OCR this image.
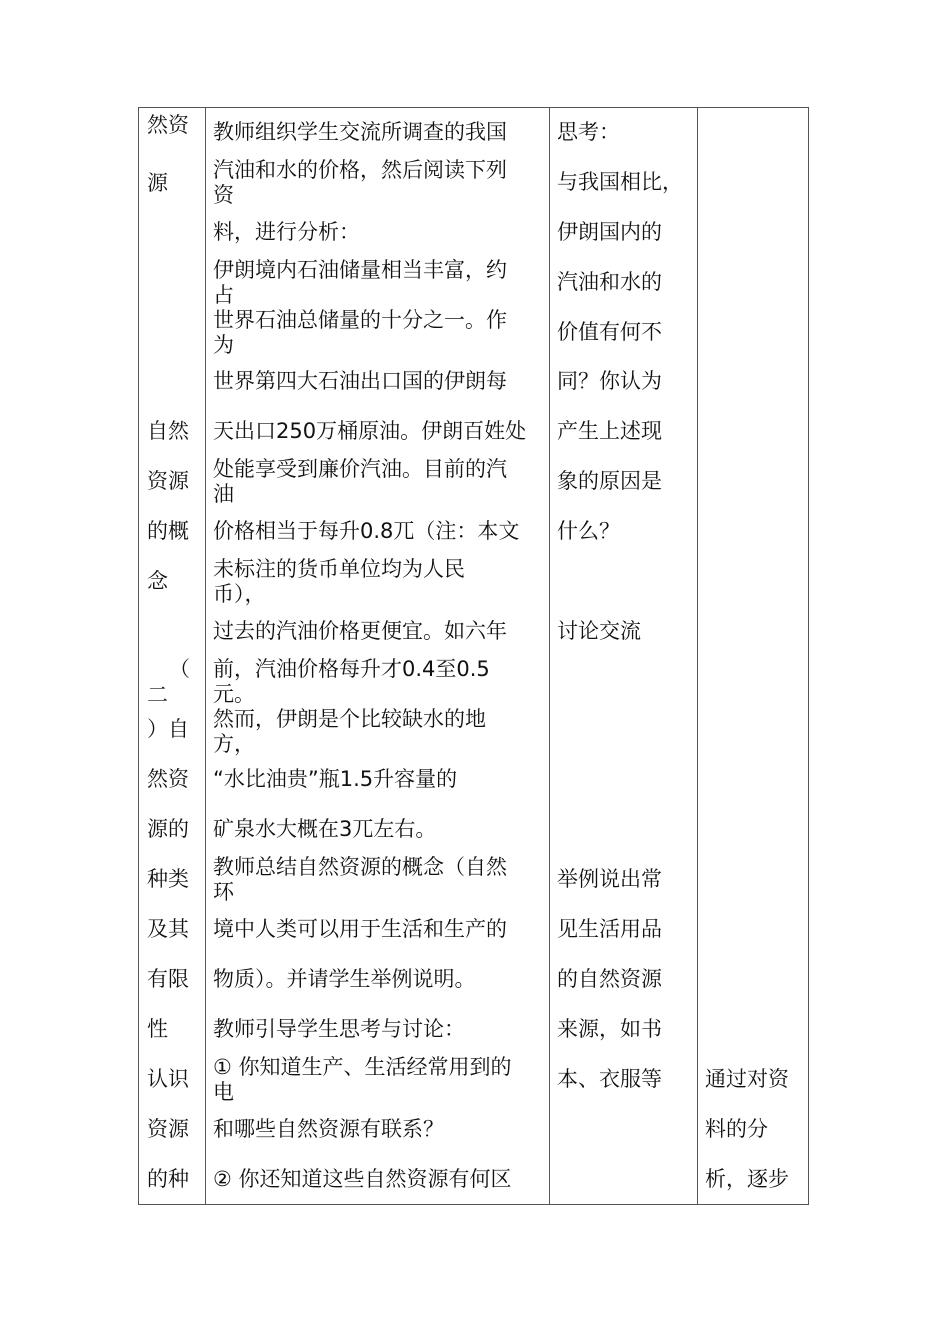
然资
源
自然
资源
的概
念
（
二
）自
然资
源的
种类
及其
有限
性
认识
资源
的种
教师组织学生交流所调查的我国
汽油和水的价格，然后阅读下列
资
料，进行分析：
伊朗境内石油储量相当丰富，约
占
世界石油总储量的十分之一。作
为
世界第四大石油出口国的伊朗每
天出口250万桶原油。伊朗百姓处
处能享受到廉价汽油。目前的汽
油
价格相当于每升0.8兀（注：本文
未标注的货币单位均为人民
币），
过去的汽油价格更便宜。如六年
前，汽油价格每升才0.4至0.5
元。
然而，伊朗是个比较缺水的地
方，
“水比油贵”瓶1.5升容量的
矿泉水大概在3兀左右。
教师总结自然资源的概念（自然
环
境中人类可以用于生活和生产的
物质）。并请学生举例说明。
教师引导学生思考与讨论：
① 你知道生产、生活经常用到的
电
和哪些自然资源有联系？
② 你还知道这些自然资源有何区
思考：
与我国相比，
伊朗国内的
汽油和水的
价值有何不
同？你认为
产生上述现
象的原因是
什么？
讨论交流
举例说出常
见生活用品
的自然资源
来源，如书
本、衣服等 通过对资
料的分
析，逐步
